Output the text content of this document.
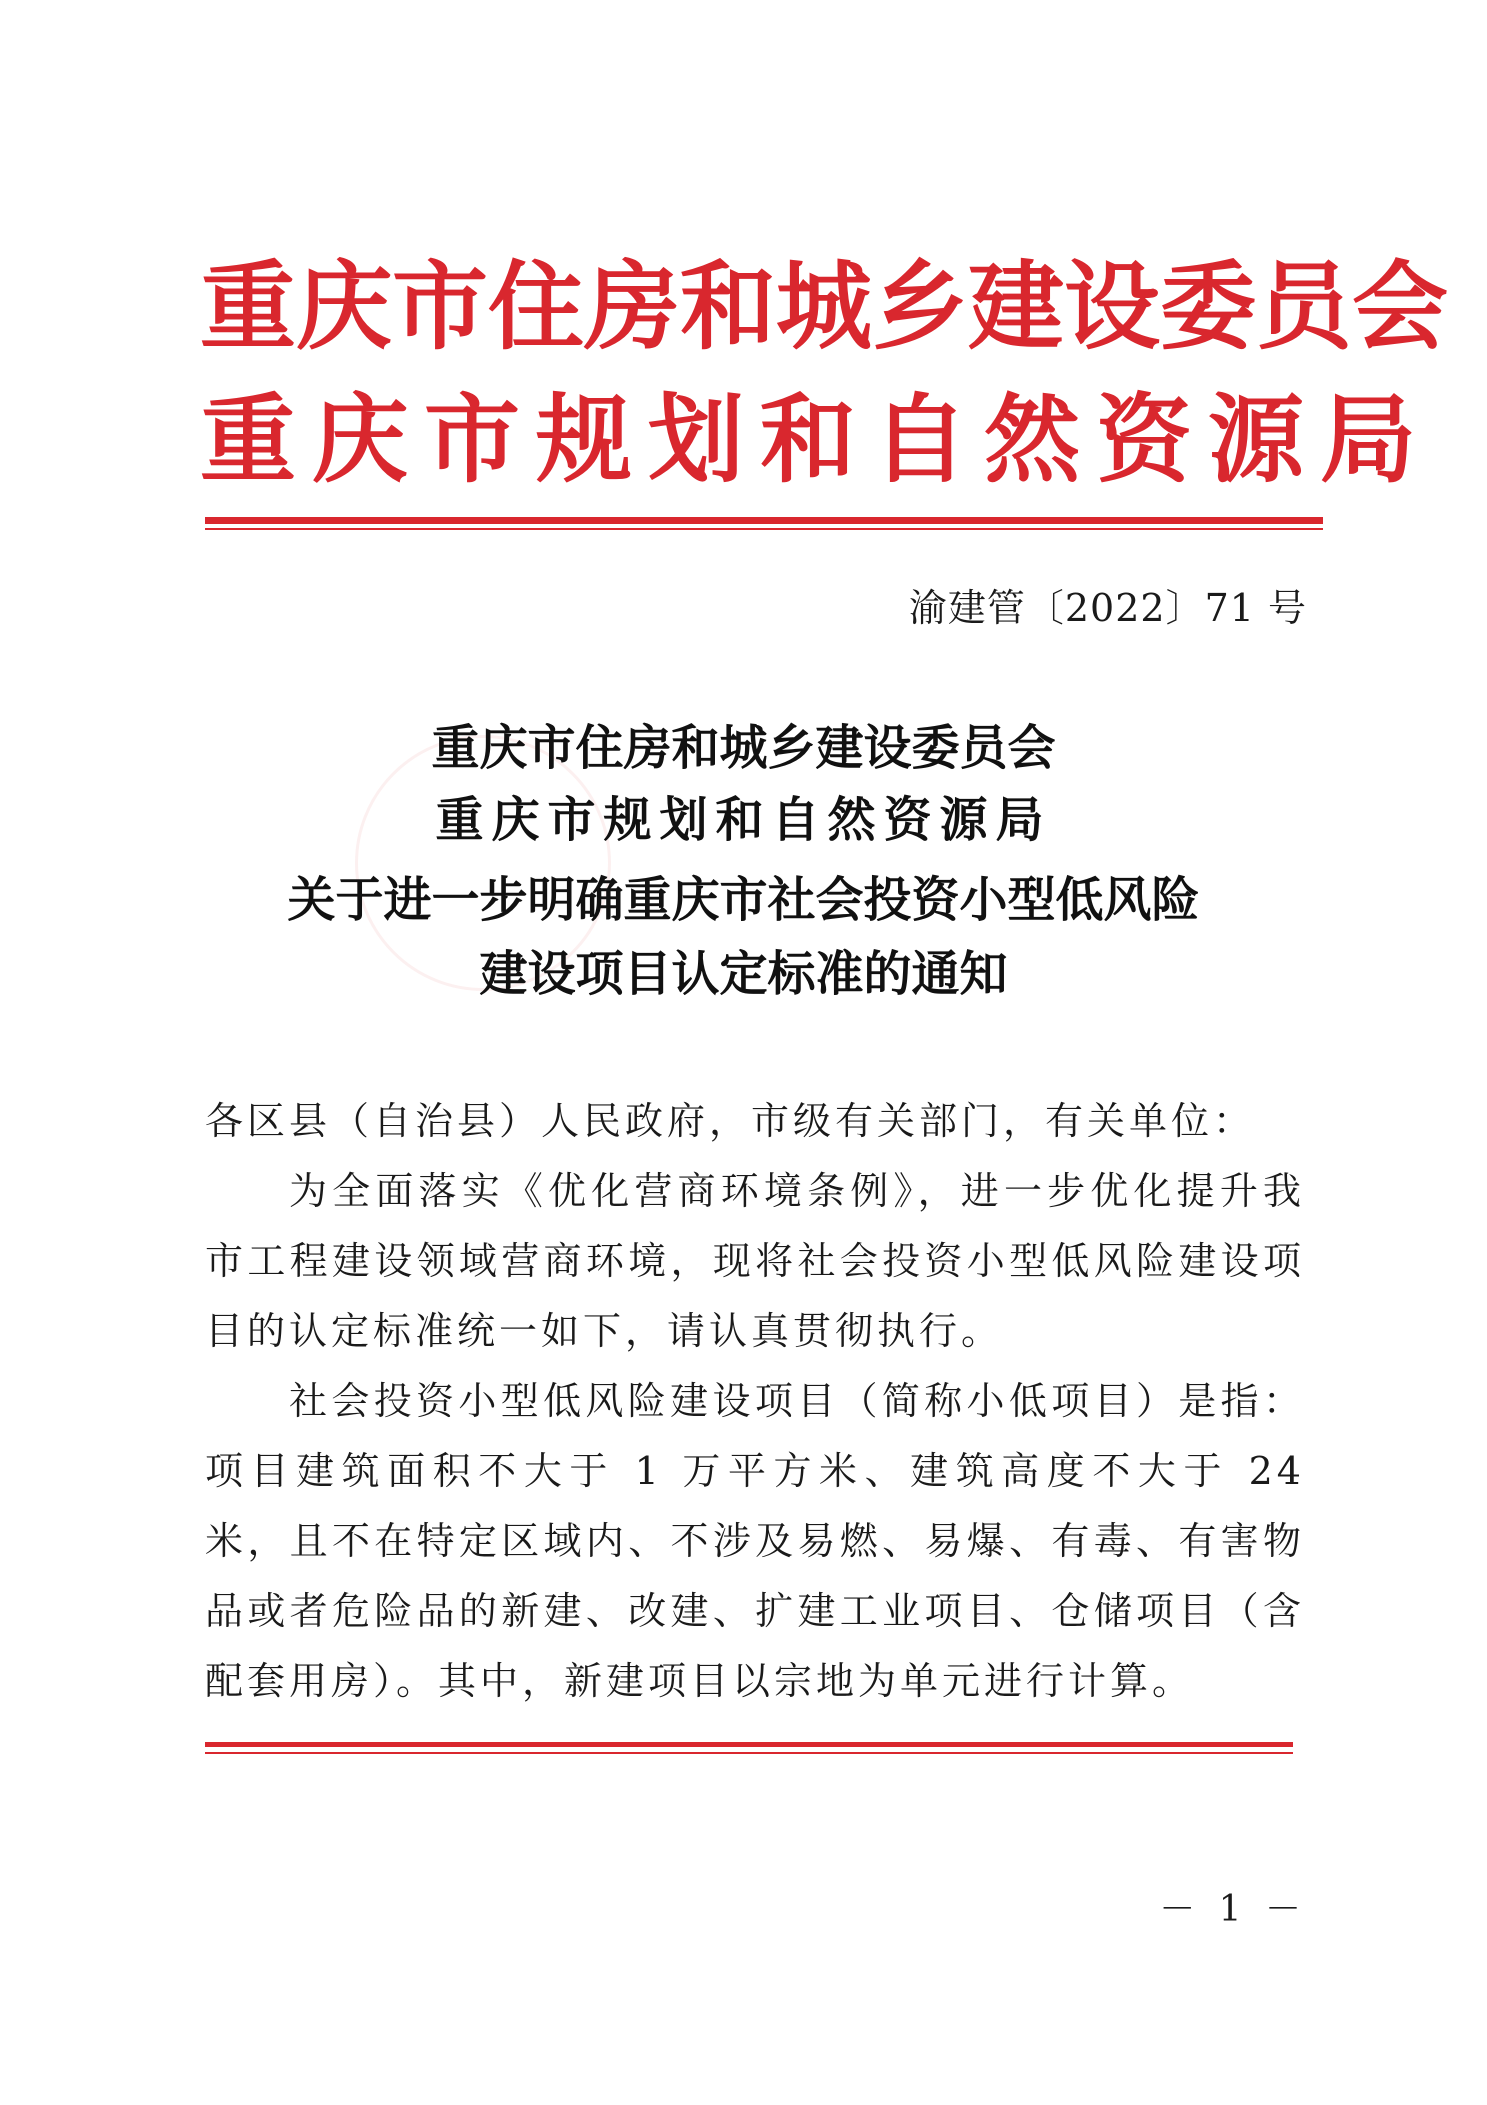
重庆市住房和城乡建设委员会
重庆市规划和自然资源局
渝建管〔2022〕71 号
重庆市住房和城乡建设委员会
重庆市规划和自然资源局
关于进一步明确重庆市社会投资小型低风险
建设项目认定标准的通知
各区县（自治县）人民政府，市级有关部门，有关单位：
为全面落实《优化营商环境条例》，进一步优化提升我市工程建设领域营商环境，现将社会投资小型低风险建设项目的认定标准统一如下，请认真贯彻执行。
社会投资小型低风险建设项目（简称小低项目）是指：项目建筑面积不大于 1 万平方米、建筑高度不大于 24 米，且不在特定区域内、不涉及易燃、易爆、有毒、有害物品或者危险品的新建、改建、扩建工业项目、仓储项目（含配套用房）。其中，新建项目以宗地为单元进行计算。
－ 1 －
